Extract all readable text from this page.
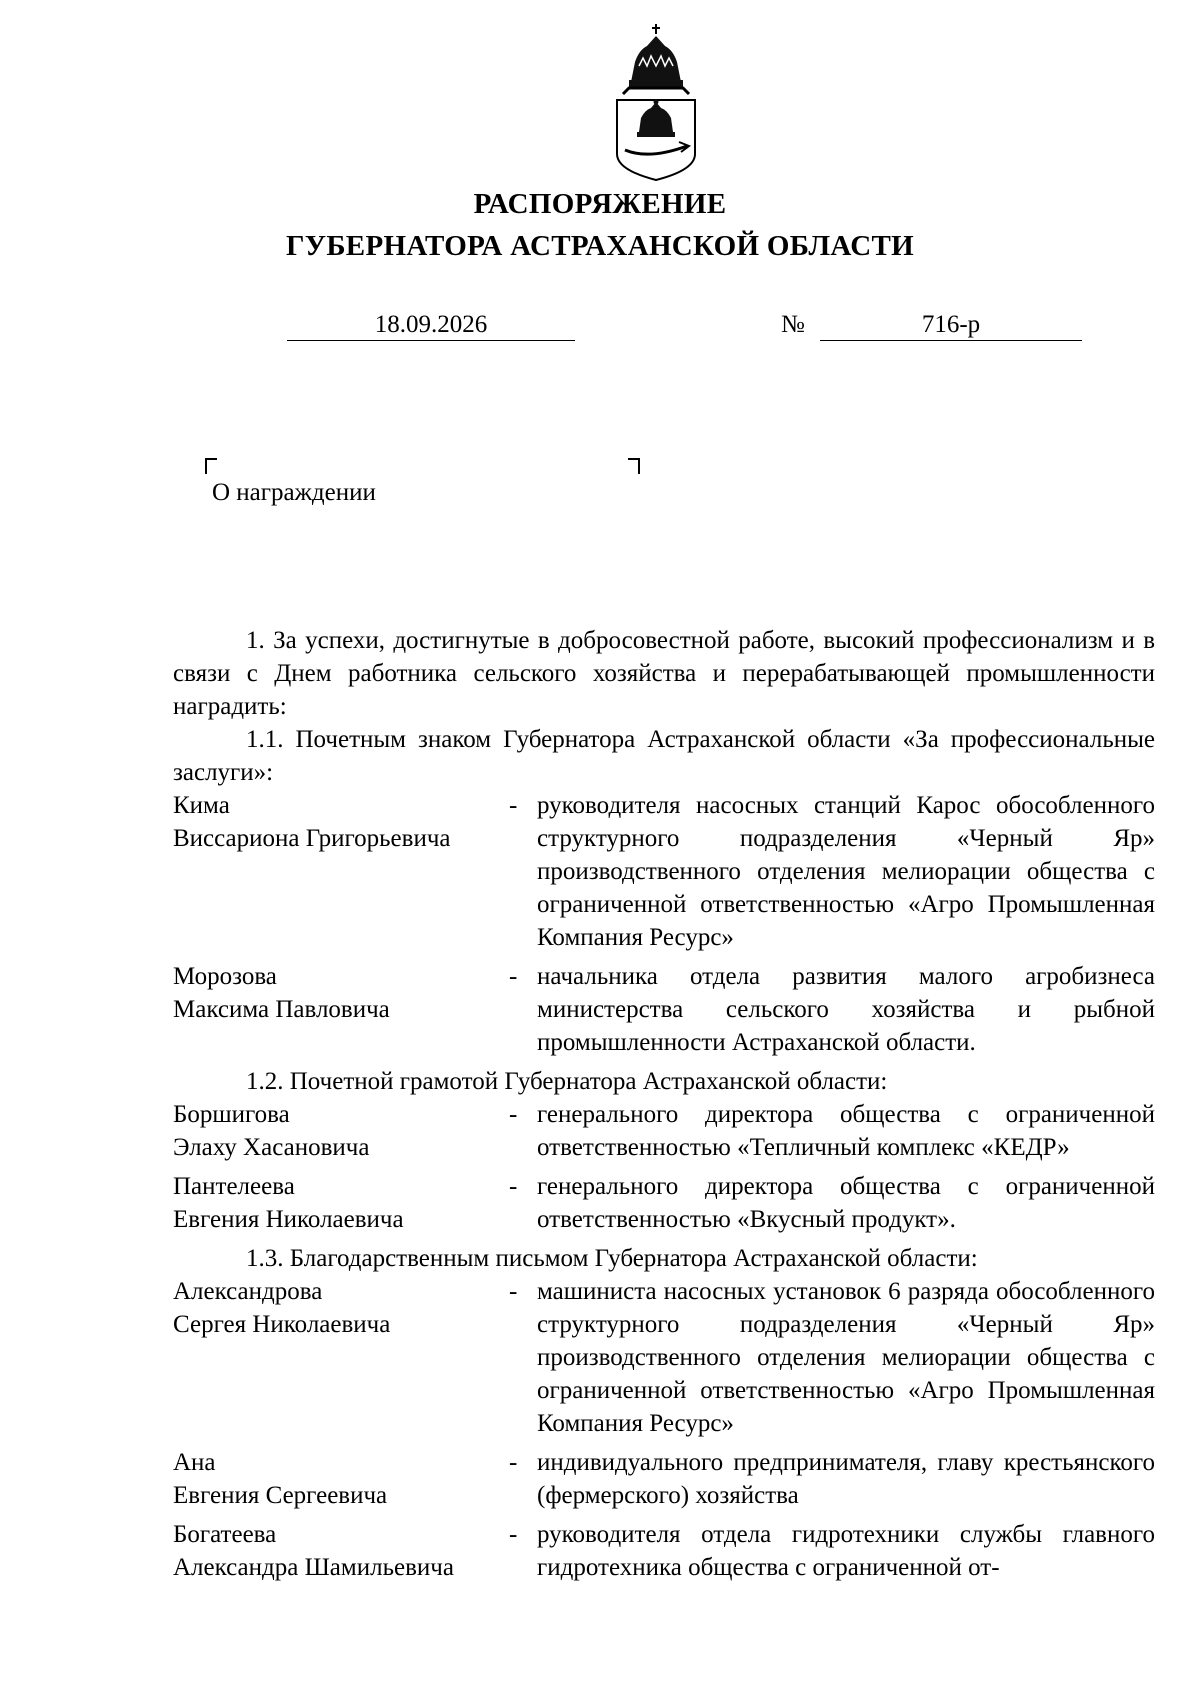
РАСПОРЯЖЕНИЕ
ГУБЕРНАТОРА АСТРАХАНСКОЙ ОБЛАСТИ
18.09.2026	№	716-р
О награждении
1. За успехи, достигнутые в добросовестной работе, высокий профессионализм и в связи с Днем работника сельского хозяйства и перерабатывающей промышленности наградить:
1.1. Почетным знаком Губернатора Астраханской области «За профессиональные заслуги»:
Кима
Виссариона Григорьевича
- руководителя насосных станций Карос обособленного структурного подразделения «Черный Яр» производственного отделения мелиорации общества с ограниченной ответственностью «Агро Промышленная Компания Ресурс»
Морозова
Максима Павловича
- начальника отдела развития малого агробизнеса министерства сельского хозяйства и рыбной промышленности Астраханской области.
1.2. Почетной грамотой Губернатора Астраханской области:
Боршигова
Элаху Хасановича
- генерального директора общества с ограниченной ответственностью «Тепличный комплекс «КЕДР»
Пантелеева
Евгения Николаевича
- генерального директора общества с ограниченной ответственностью «Вкусный продукт».
1.3. Благодарственным письмом Губернатора Астраханской области:
Александрова
Сергея Николаевича
- машиниста насосных установок 6 разряда обособленного структурного подразделения «Черный Яр» производственного отделения мелиорации общества с ограниченной ответственностью «Агро Промышленная Компания Ресурс»
Ана
Евгения Сергеевича
- индивидуального предпринимателя, главу крестьянского (фермерского) хозяйства
Богатеева
Александра Шамильевича
- руководителя отдела гидротехники службы главного гидротехника общества с ограниченной от-
